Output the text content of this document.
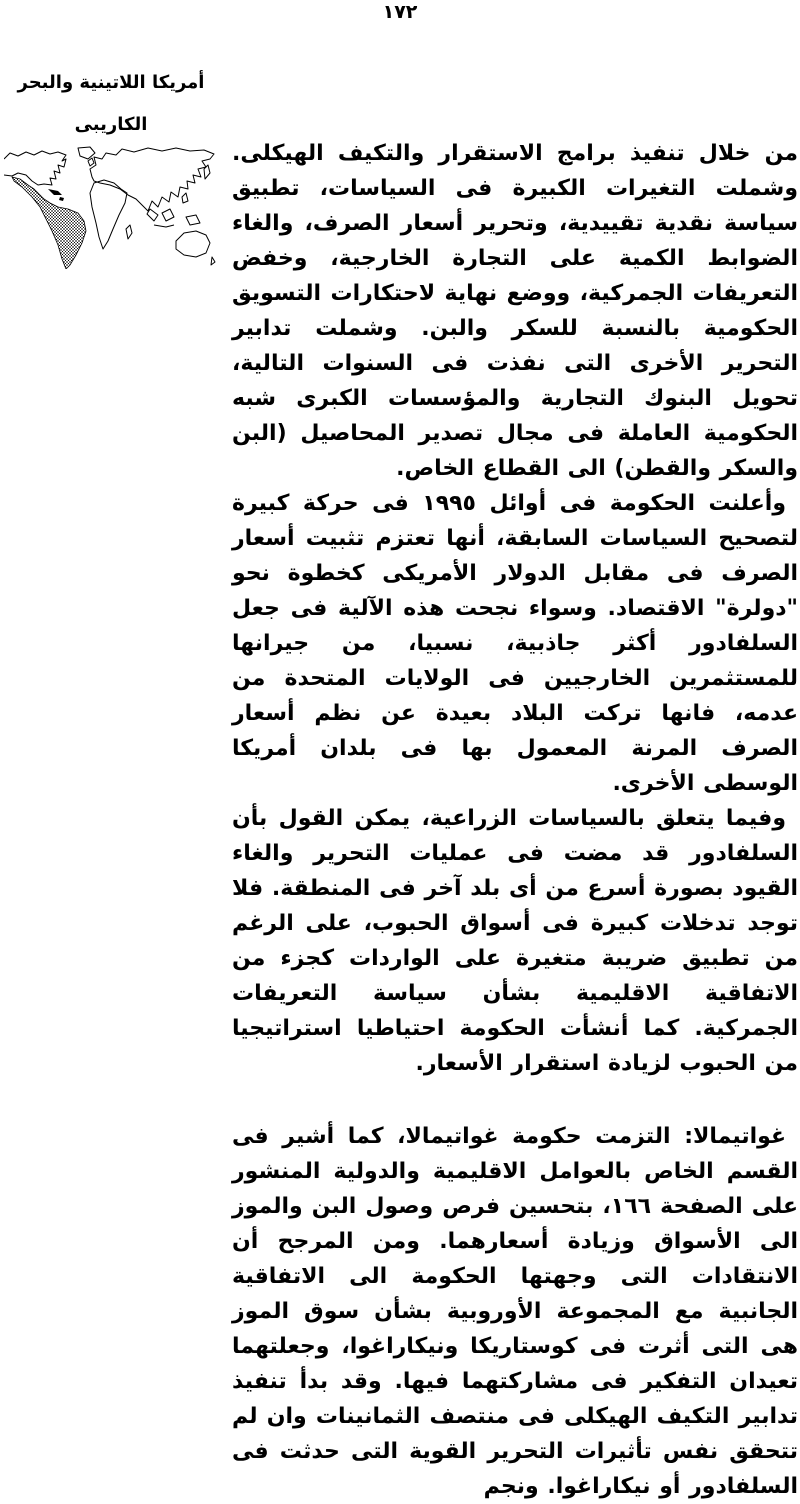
١٧٢
أمريكا اللاتينية والبحر
الكاريبى

من خلال تنفيذ برامج الاستقرار والتكيف الهيكلى. وشملت التغيرات الكبيرة فى السياسات، تطبيق سياسة نقدية تقييدية، وتحرير أسعار الصرف، والغاء الضوابط الكمية على التجارة الخارجية، وخفض التعريفات الجمركية، ووضع نهاية لاحتكارات التسويق الحكومية بالنسبة للسكر والبن. وشملت تدابير التحرير الأخرى التى نفذت فى السنوات التالية، تحويل البنوك التجارية والمؤسسات الكبرى شبه الحكومية العاملة فى مجال تصدير المحاصيل (البن والسكر والقطن) الى القطاع الخاص.

وأعلنت الحكومة فى أوائل ١٩٩٥ فى حركة كبيرة لتصحيح السياسات السابقة، أنها تعتزم تثبيت أسعار الصرف فى مقابل الدولار الأمريكى كخطوة نحو "دولرة" الاقتصاد. وسواء نجحت هذه الآلية فى جعل السلفادور أكثر جاذبية، نسبيا، من جيرانها للمستثمرين الخارجيين فى الولايات المتحدة من عدمه، فانها تركت البلاد بعيدة عن نظم أسعار الصرف المرنة المعمول بها فى بلدان أمريكا الوسطى الأخرى.

وفيما يتعلق بالسياسات الزراعية، يمكن القول بأن السلفادور قد مضت فى عمليات التحرير والغاء القيود بصورة أسرع من أى بلد آخر فى المنطقة. فلا توجد تدخلات كبيرة فى أسواق الحبوب، على الرغم من تطبيق ضريبة متغيرة على الواردات كجزء من الاتفاقية الاقليمية بشأن سياسة التعريفات الجمركية. كما أنشأت الحكومة احتياطيا استراتيجيا من الحبوب لزيادة استقرار الأسعار.

غواتيمالا: التزمت حكومة غواتيمالا، كما أشير فى القسم الخاص بالعوامل الاقليمية والدولية المنشور على الصفحة ١٦٦، بتحسين فرص وصول البن والموز الى الأسواق وزيادة أسعارهما. ومن المرجح أن الانتقادات التى وجهتها الحكومة الى الاتفاقية الجانبية مع المجموعة الأوروبية بشأن سوق الموز هى التى أثرت فى كوستاريكا ونيكاراغوا، وجعلتهما تعيدان التفكير فى مشاركتهما فيها. وقد بدأ تنفيذ تدابير التكيف الهيكلى فى منتصف الثمانينات وان لم تتحقق نفس تأثيرات التحرير القوية التى حدثت فى السلفادور أو نيكاراغوا. ونجم
